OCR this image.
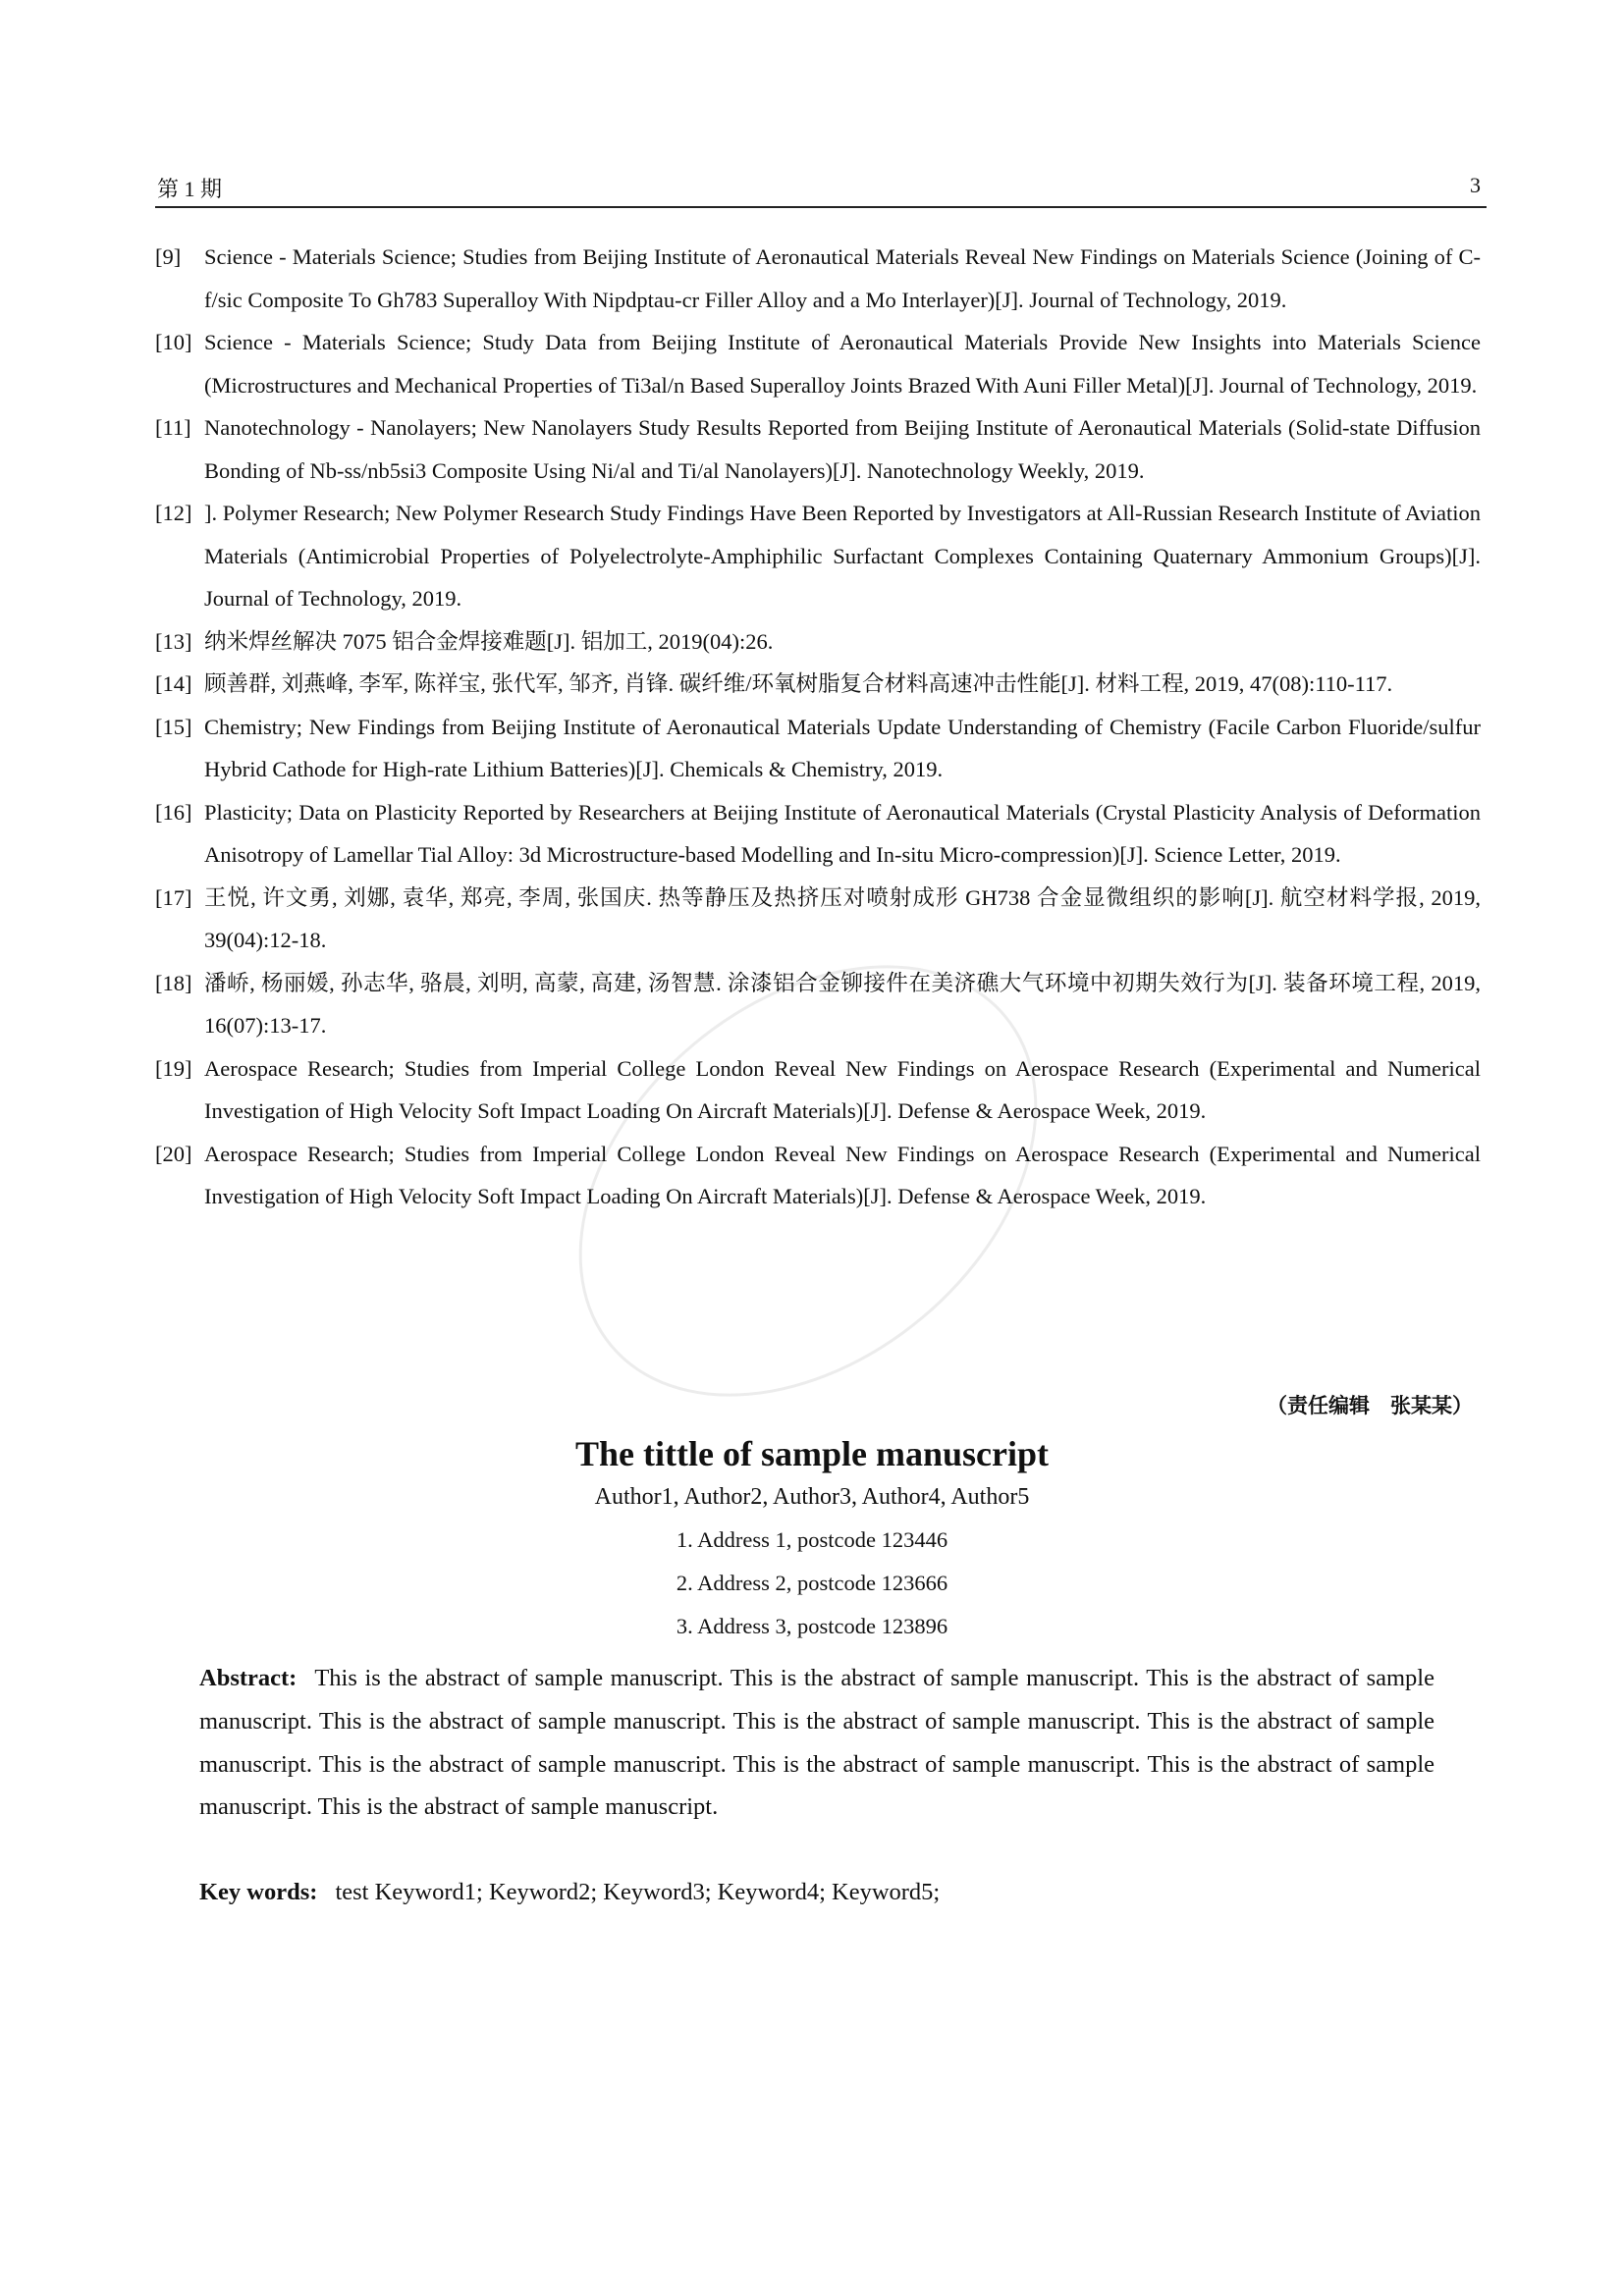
第 1 期	3

[9] Science - Materials Science; Studies from Beijing Institute of Aeronautical Materials Reveal New Findings on Materials Science (Joining of C-f/sic Composite To Gh783 Superalloy With Nipdptau-cr Filler Alloy and a Mo Interlayer)[J]. Journal of Technology, 2019.

[10] Science - Materials Science; Study Data from Beijing Institute of Aeronautical Materials Provide New Insights into Materials Science (Microstructures and Mechanical Properties of Ti3al/n Based Superalloy Joints Brazed With Auni Filler Metal)[J]. Journal of Technology, 2019.

[11] Nanotechnology - Nanolayers; New Nanolayers Study Results Reported from Beijing Institute of Aeronautical Materials (Solid-state Diffusion Bonding of Nb-ss/nb5si3 Composite Using Ni/al and Ti/al Nanolayers)[J]. Nanotechnology Weekly, 2019.

[12] ]. Polymer Research; New Polymer Research Study Findings Have Been Reported by Investigators at All-Russian Research Institute of Aviation Materials (Antimicrobial Properties of Polyelectrolyte-Amphiphilic Surfactant Complexes Containing Quaternary Ammonium Groups)[J]. Journal of Technology, 2019.

[13] 纳米焊丝解决 7075 铝合金焊接难题[J]. 铝加工, 2019(04):26.

[14] 顾善群, 刘燕峰, 李军, 陈祥宝, 张代军, 邹齐, 肖锋. 碳纤维/环氧树脂复合材料高速冲击性能[J]. 材料工程, 2019, 47(08):110-117.

[15] Chemistry; New Findings from Beijing Institute of Aeronautical Materials Update Understanding of Chemistry (Facile Carbon Fluoride/sulfur Hybrid Cathode for High-rate Lithium Batteries)[J]. Chemicals & Chemistry, 2019.

[16] Plasticity; Data on Plasticity Reported by Researchers at Beijing Institute of Aeronautical Materials (Crystal Plasticity Analysis of Deformation Anisotropy of Lamellar Tial Alloy: 3d Microstructure-based Modelling and In-situ Micro-compression)[J]. Science Letter, 2019.

[17] 王悦, 许文勇, 刘娜, 袁华, 郑亮, 李周, 张国庆. 热等静压及热挤压对喷射成形 GH738 合金显微组织的影响[J]. 航空材料学报, 2019, 39(04):12-18.

[18] 潘峤, 杨丽媛, 孙志华, 骆晨, 刘明, 高蒙, 高建, 汤智慧. 涂漆铝合金铆接件在美济礁大气环境中初期失效行为[J]. 装备环境工程, 2019, 16(07):13-17.

[19] Aerospace Research; Studies from Imperial College London Reveal New Findings on Aerospace Research (Experimental and Numerical Investigation of High Velocity Soft Impact Loading On Aircraft Materials)[J]. Defense & Aerospace Week, 2019.

[20] Aerospace Research; Studies from Imperial College London Reveal New Findings on Aerospace Research (Experimental and Numerical Investigation of High Velocity Soft Impact Loading On Aircraft Materials)[J]. Defense & Aerospace Week, 2019.

（责任编辑　张某某）
The tittle of sample manuscript
Author1, Author2, Author3, Author4, Author5
1. Address 1, postcode 123446
2. Address 2, postcode 123666
3. Address 3, postcode 123896

Abstract: This is the abstract of sample manuscript. This is the abstract of sample manuscript. This is the abstract of sample manuscript. This is the abstract of sample manuscript. This is the abstract of sample manuscript. This is the abstract of sample manuscript. This is the abstract of sample manuscript. This is the abstract of sample manuscript. This is the abstract of sample manuscript. This is the abstract of sample manuscript.

Key words: test Keyword1; Keyword2; Keyword3; Keyword4; Keyword5;
